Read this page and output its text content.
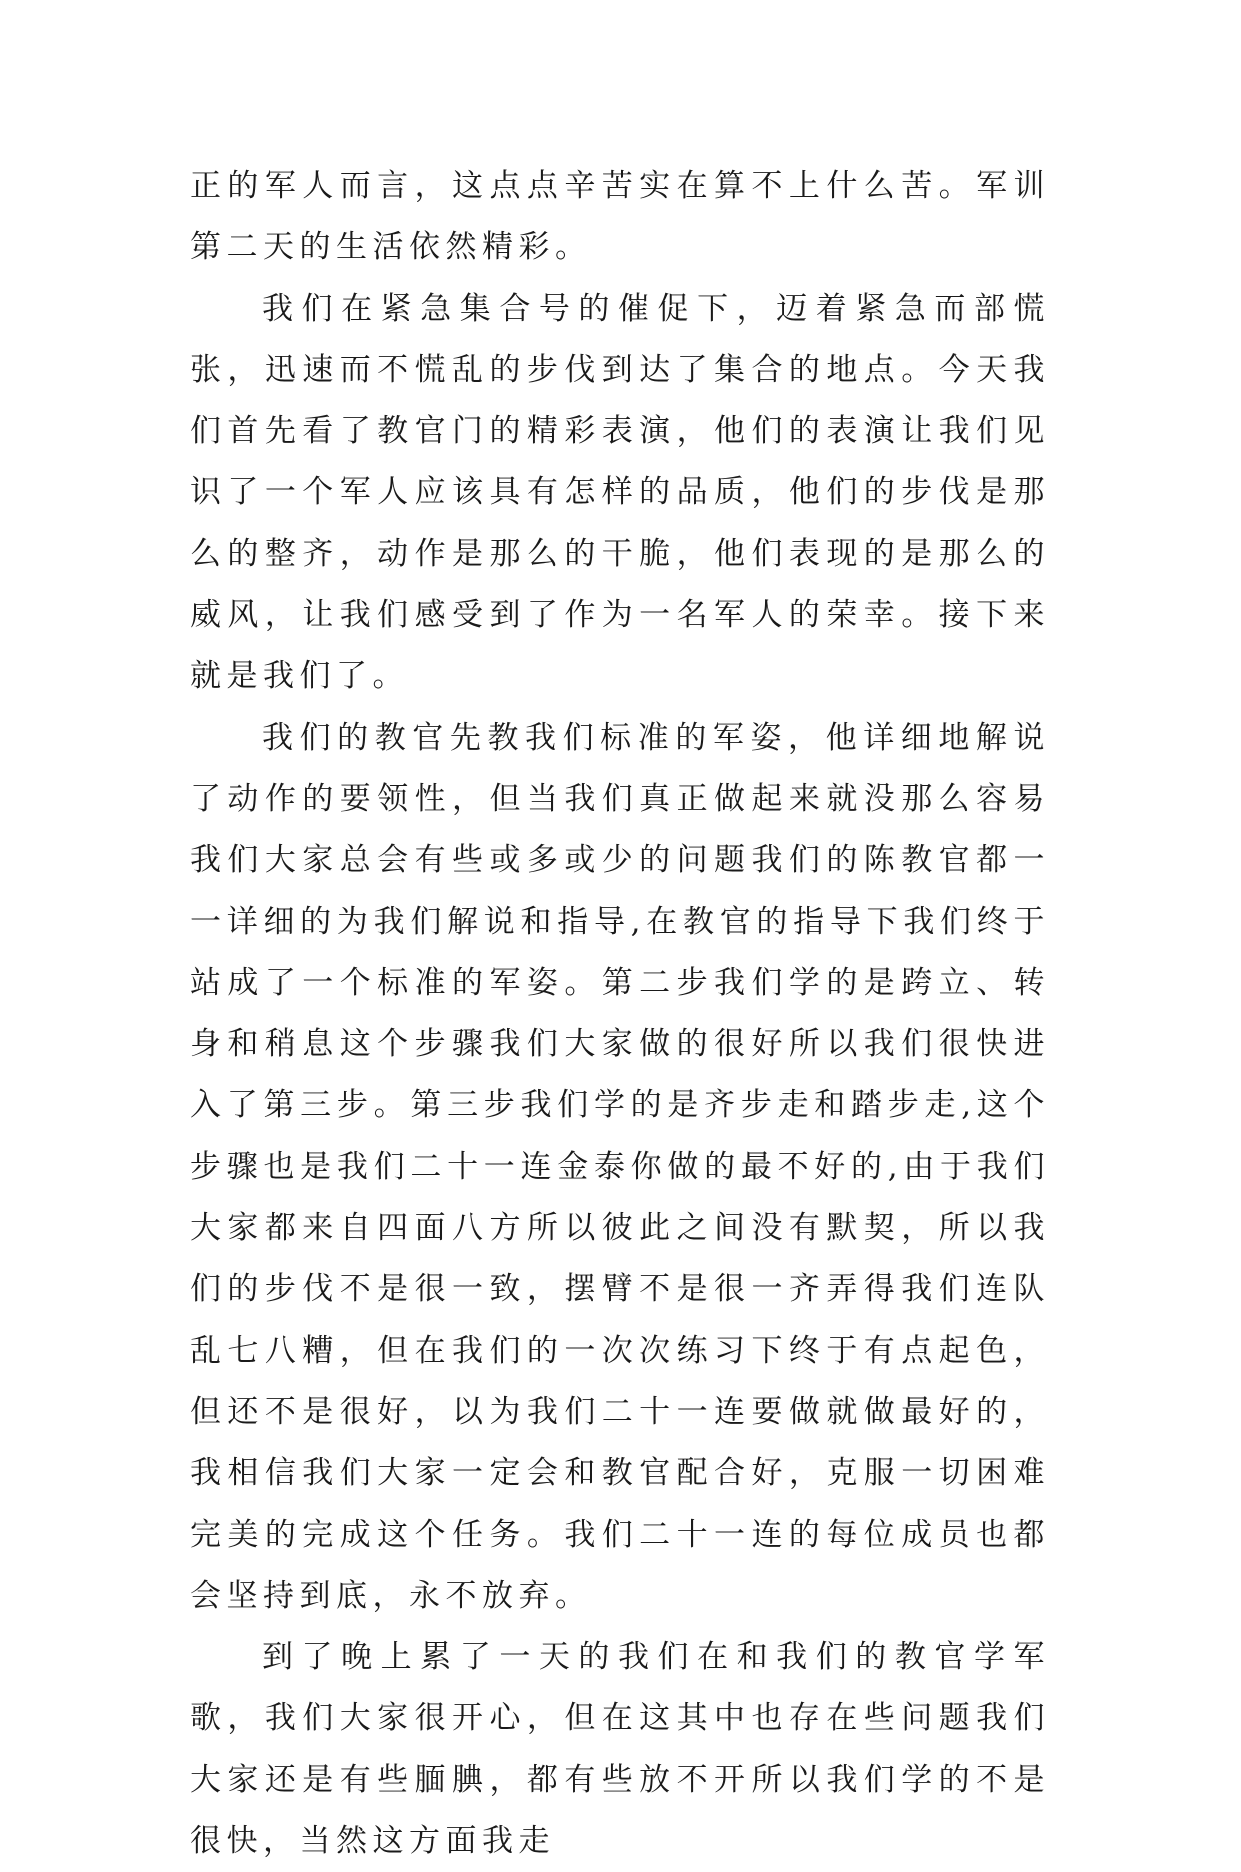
正的军人而言，这点点辛苦实在算不上什么苦。军训第二天的生活依然精彩。

我们在紧急集合号的催促下，迈着紧急而部慌张，迅速而不慌乱的步伐到达了集合的地点。今天我们首先看了教官门的精彩表演，他们的表演让我们见识了一个军人应该具有怎样的品质，他们的步伐是那么的整齐，动作是那么的干脆，他们表现的是那么的威风，让我们感受到了作为一名军人的荣幸。接下来就是我们了。

我们的教官先教我们标准的军姿，他详细地解说了动作的要领性，但当我们真正做起来就没那么容易我们大家总会有些或多或少的问题我们的陈教官都一一详细的为我们解说和指导,在教官的指导下我们终于站成了一个标准的军姿。第二步我们学的是跨立、转身和稍息这个步骤我们大家做的很好所以我们很快进入了第三步。第三步我们学的是齐步走和踏步走,这个步骤也是我们二十一连金泰你做的最不好的,由于我们大家都来自四面八方所以彼此之间没有默契，所以我们的步伐不是很一致，摆臂不是很一齐弄得我们连队乱七八糟，但在我们的一次次练习下终于有点起色，但还不是很好，以为我们二十一连要做就做最好的，我相信我们大家一定会和教官配合好，克服一切困难完美的完成这个任务。我们二十一连的每位成员也都会坚持到底，永不放弃。

到了晚上累了一天的我们在和我们的教官学军歌，我们大家很开心，但在这其中也存在些问题我们大家还是有些腼腆，都有些放不开所以我们学的不是很快，当然这方面我走
